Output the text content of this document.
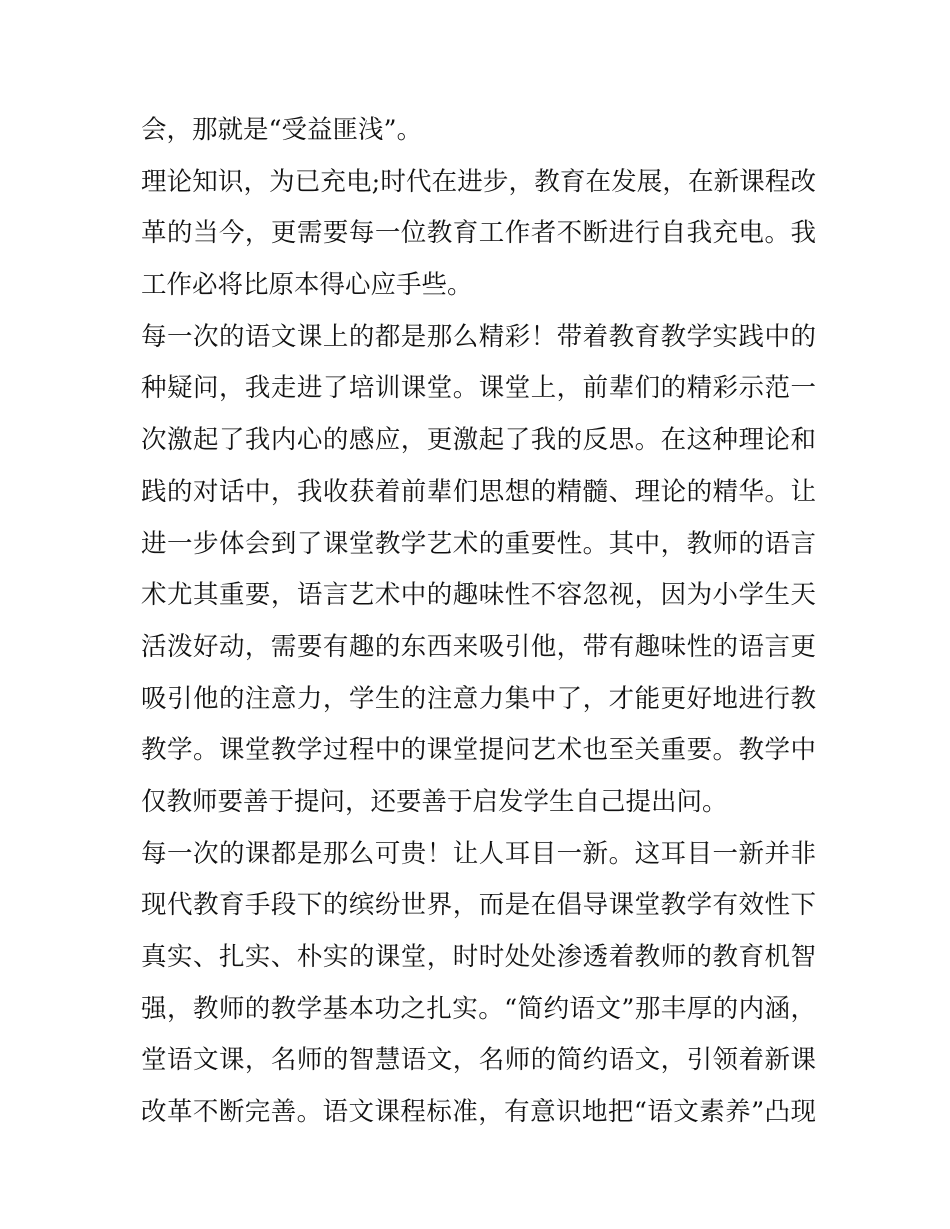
会，那就是“受益匪浅”。
理论知识，为已充电;时代在进步，教育在发展，在新课程改
革的当今，更需要每一位教育工作者不断进行自我充电。我
工作必将比原本得心应手些。
每一次的语文课上的都是那么精彩！带着教育教学实践中的
种疑问，我走进了培训课堂。课堂上，前辈们的精彩示范一
次激起了我内心的感应，更激起了我的反思。在这种理论和
践的对话中，我收获着前辈们思想的精髓、理论的精华。让
进一步体会到了课堂教学艺术的重要性。其中，教师的语言
术尤其重要，语言艺术中的趣味性不容忽视，因为小学生天
活泼好动，需要有趣的东西来吸引他，带有趣味性的语言更
吸引他的注意力，学生的注意力集中了，才能更好地进行教
教学。课堂教学过程中的课堂提问艺术也至关重要。教学中
仅教师要善于提问，还要善于启发学生自己提出问。
每一次的课都是那么可贵！让人耳目一新。这耳目一新并非
现代教育手段下的缤纷世界，而是在倡导课堂教学有效性下
真实、扎实、朴实的课堂，时时处处渗透着教师的教育机智
强，教师的教学基本功之扎实。“简约语文”那丰厚的内涵，
堂语文课，名师的智慧语文，名师的简约语文，引领着新课
改革不断完善。语文课程标准，有意识地把“语文素养”凸现
